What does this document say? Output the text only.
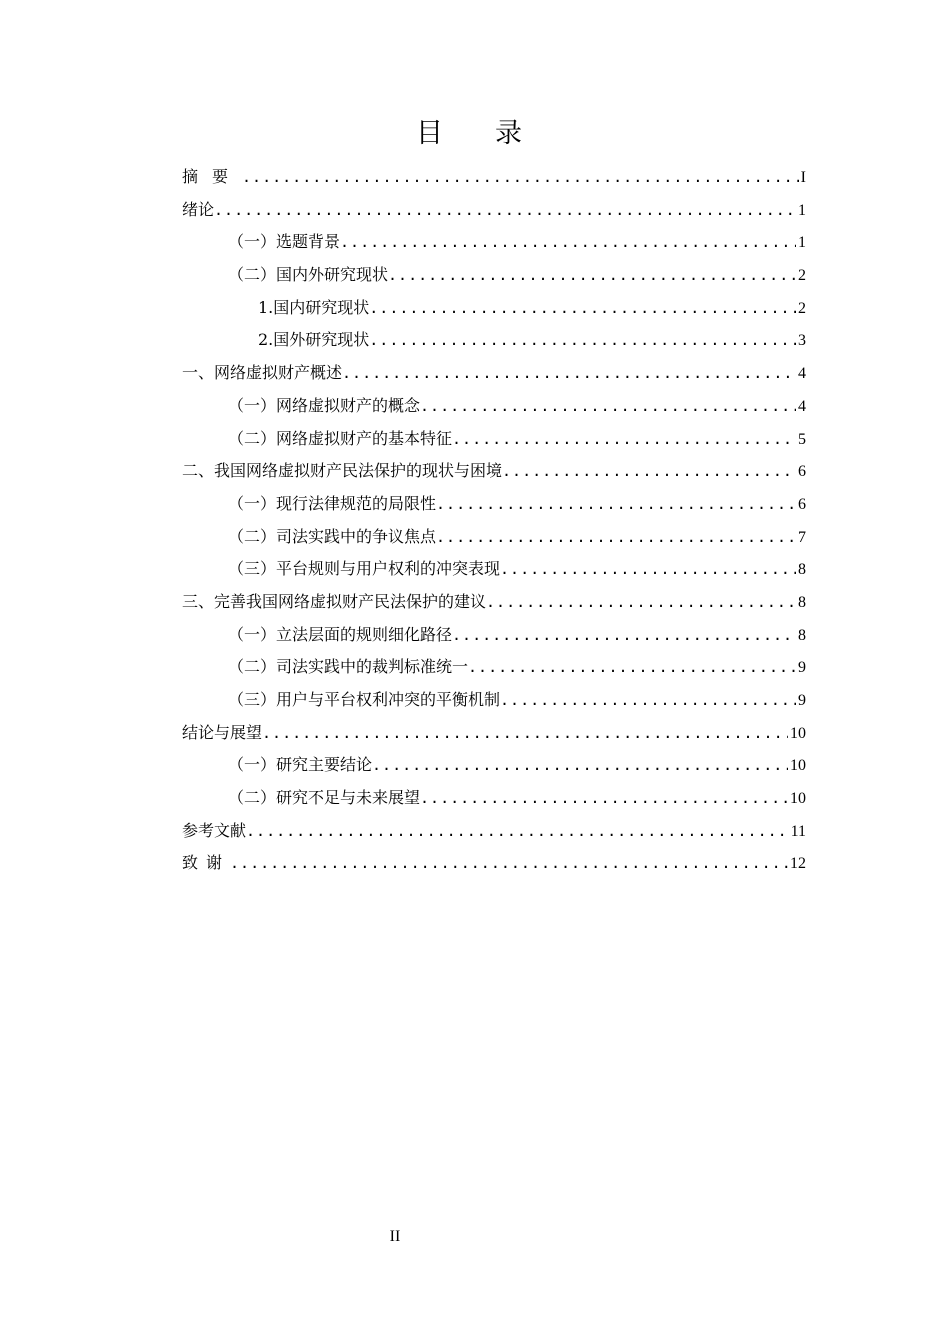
目录
摘要 .....	I
绪论 .....	1
（一）选题背景 .....	1
（二）国内外研究现状 .....	2
1.国内研究现状 .....	2
2.国外研究现状 .....	3
一、网络虚拟财产概述 .....	4
（一）网络虚拟财产的概念 .....	4
（二）网络虚拟财产的基本特征 .....	5
二、我国网络虚拟财产民法保护的现状与困境 .....	6
（一）现行法律规范的局限性 .....	6
（二）司法实践中的争议焦点 .....	7
（三）平台规则与用户权利的冲突表现 .....	8
三、完善我国网络虚拟财产民法保护的建议 .....	8
（一）立法层面的规则细化路径 .....	8
（二）司法实践中的裁判标准统一 .....	9
（三）用户与平台权利冲突的平衡机制 .....	9
结论与展望 .....	10
（一）研究主要结论 .....	10
（二）研究不足与未来展望 .....	10
参考文献 .....	11
致谢 .....	12
II
